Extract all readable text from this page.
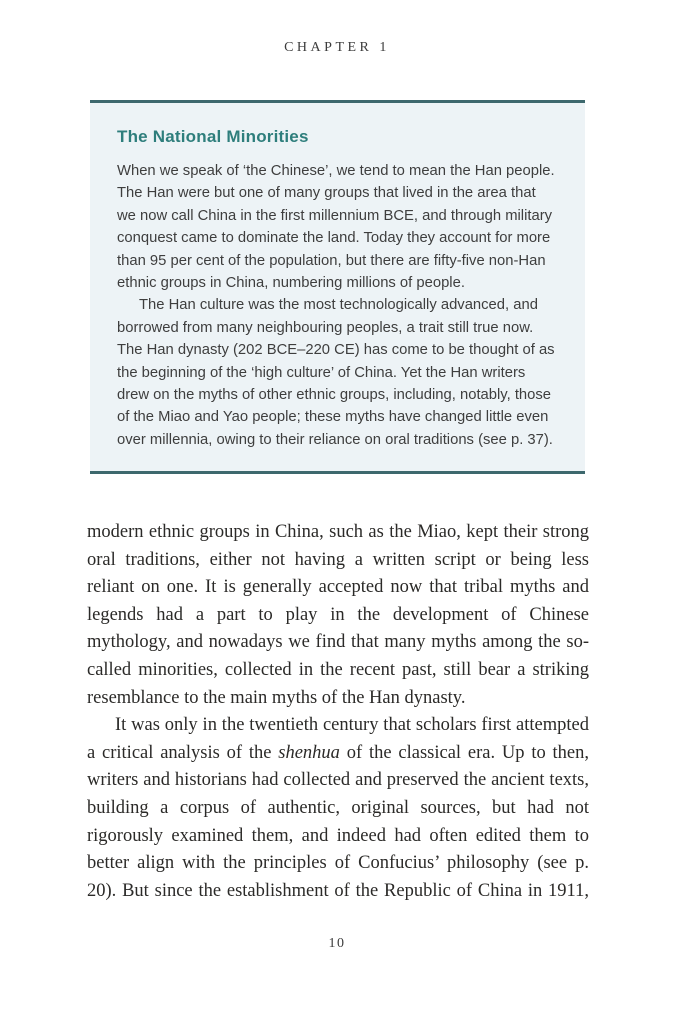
CHAPTER 1
The National Minorities

When we speak of ‘the Chinese’, we tend to mean the Han people. The Han were but one of many groups that lived in the area that we now call China in the first millennium BCE, and through military conquest came to dominate the land. Today they account for more than 95 per cent of the population, but there are fifty-five non-Han ethnic groups in China, numbering millions of people.

The Han culture was the most technologically advanced, and borrowed from many neighbouring peoples, a trait still true now. The Han dynasty (202 BCE–220 CE) has come to be thought of as the beginning of the ‘high culture’ of China. Yet the Han writers drew on the myths of other ethnic groups, including, notably, those of the Miao and Yao people; these myths have changed little even over millennia, owing to their reliance on oral traditions (see p. 37).

modern ethnic groups in China, such as the Miao, kept their strong oral traditions, either not having a written script or being less reliant on one. It is generally accepted now that tribal myths and legends had a part to play in the development of Chinese mythology, and nowadays we find that many myths among the so-called minorities, collected in the recent past, still bear a striking resemblance to the main myths of the Han dynasty.

It was only in the twentieth century that scholars first attempted a critical analysis of the shenhua of the classical era. Up to then, writers and historians had collected and preserved the ancient texts, building a corpus of authentic, original sources, but had not rigorously examined them, and indeed had often edited them to better align with the principles of Confucius’ philosophy (see p. 20). But since the establishment of the Republic of China in 1911,

10
